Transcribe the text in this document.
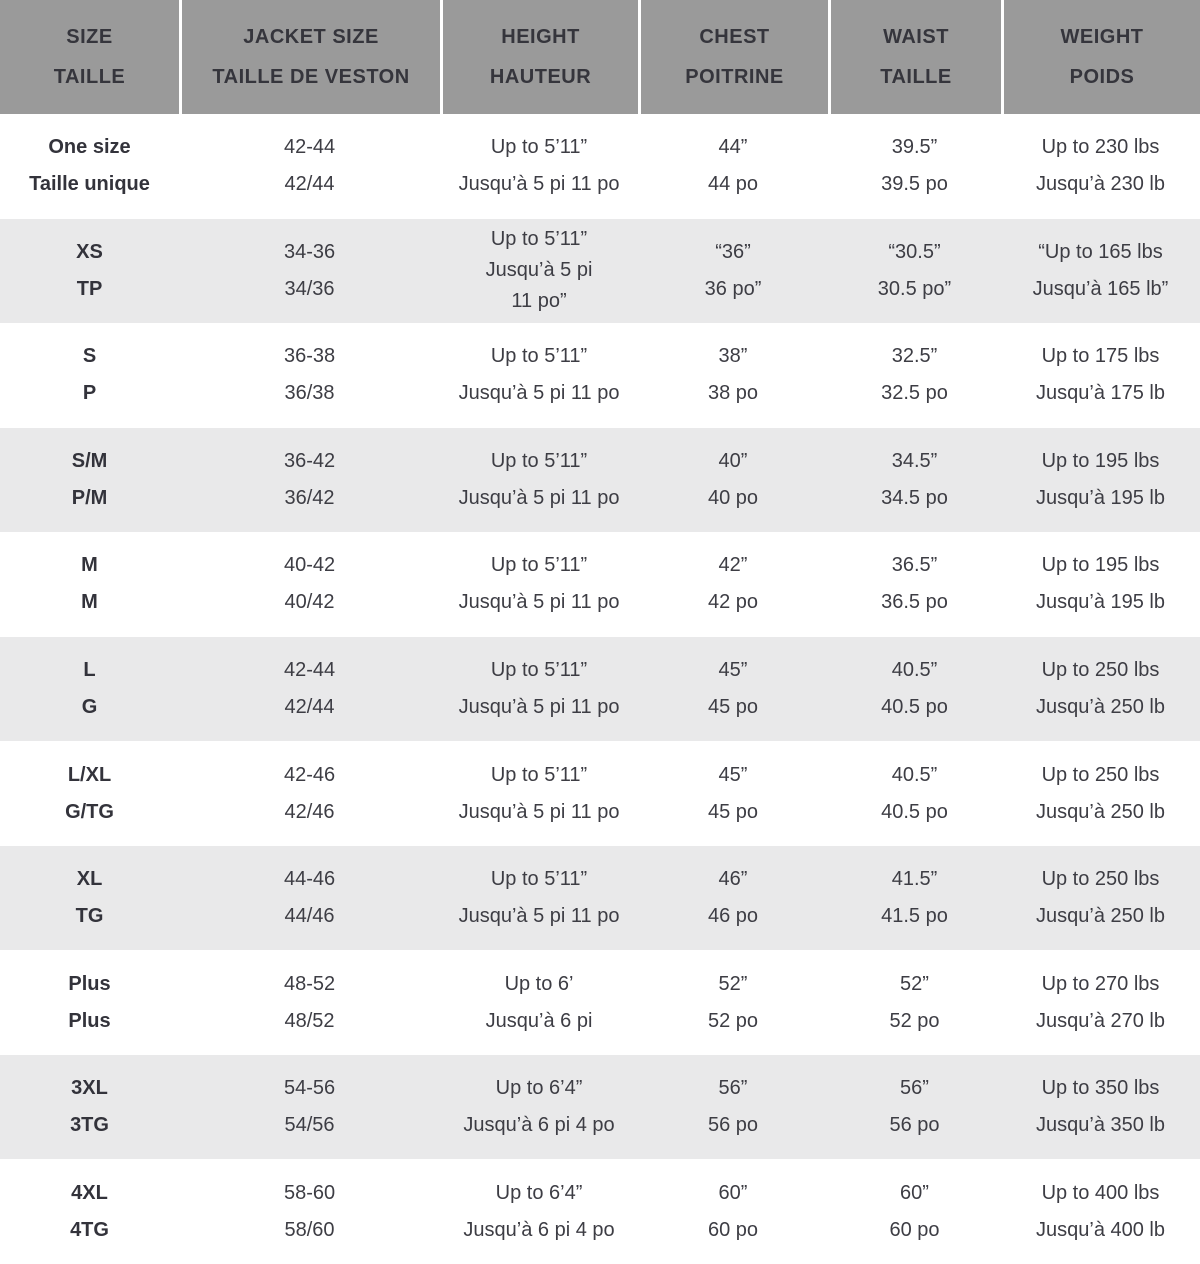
SIZE
TAILLE
JACKET SIZE
TAILLE DE VESTON
HEIGHT
HAUTEUR
CHEST
POITRINE
WAIST
TAILLE
WEIGHT
POIDS
One size
Taille unique
42-44
42/44
Up to 5’11”
Jusqu’à 5 pi 11 po
44”
44 po
39.5”
39.5 po
Up to 230 lbs
Jusqu’à 230 lb
XS
TP
34-36
34/36
Up to 5’11”
Jusqu’à 5 pi
11 po”
“36”
36 po”
“30.5”
30.5 po”
“Up to 165 lbs
Jusqu’à 165 lb”
S
P
36-38
36/38
Up to 5’11”
Jusqu’à 5 pi 11 po
38”
38 po
32.5”
32.5 po
Up to 175 lbs
Jusqu’à 175 lb
S/M
P/M
36-42
36/42
Up to 5’11”
Jusqu’à 5 pi 11 po
40”
40 po
34.5”
34.5 po
Up to 195 lbs
Jusqu’à 195 lb
M
M
40-42
40/42
Up to 5’11”
Jusqu’à 5 pi 11 po
42”
42 po
36.5”
36.5 po
Up to 195 lbs
Jusqu’à 195 lb
L
G
42-44
42/44
Up to 5’11”
Jusqu’à 5 pi 11 po
45”
45 po
40.5”
40.5 po
Up to 250 lbs
Jusqu’à 250 lb
L/XL
G/TG
42-46
42/46
Up to 5’11”
Jusqu’à 5 pi 11 po
45”
45 po
40.5”
40.5 po
Up to 250 lbs
Jusqu’à 250 lb
XL
TG
44-46
44/46
Up to 5’11”
Jusqu’à 5 pi 11 po
46”
46 po
41.5”
41.5 po
Up to 250 lbs
Jusqu’à 250 lb
Plus
Plus
48-52
48/52
Up to 6’
Jusqu’à 6 pi
52”
52 po
52”
52 po
Up to 270 lbs
Jusqu’à 270 lb
3XL
3TG
54-56
54/56
Up to 6’4”
Jusqu’à 6 pi 4 po
56”
56 po
56”
56 po
Up to 350 lbs
Jusqu’à 350 lb
4XL
4TG
58-60
58/60
Up to 6’4”
Jusqu’à 6 pi 4 po
60”
60 po
60”
60 po
Up to 400 lbs
Jusqu’à 400 lb
